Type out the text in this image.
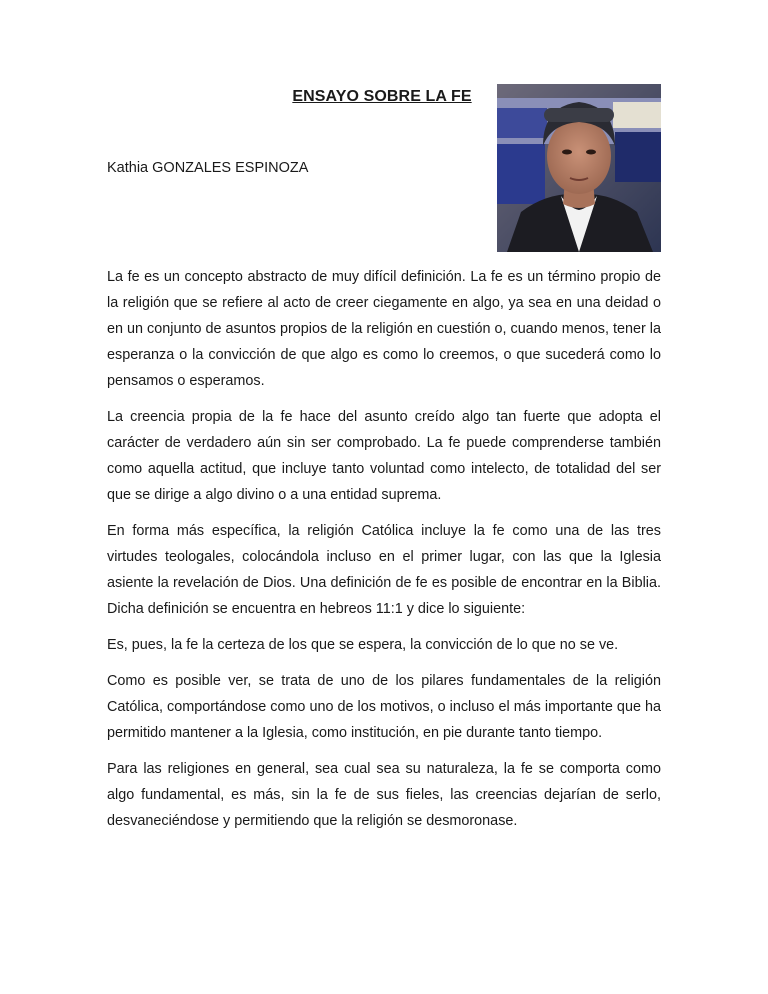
ENSAYO SOBRE LA FE
Kathia GONZALES ESPINOZA

La fe es un concepto abstracto de muy difícil definición. La fe es un término propio de la religión que se refiere al acto de creer ciegamente en algo, ya sea en una deidad o en un conjunto de asuntos propios de la religión en cuestión o, cuando menos, tener la esperanza o la convicción de que algo es como lo creemos, o que sucederá como lo pensamos o esperamos.

La creencia propia de la fe hace del asunto creído algo tan fuerte que adopta el carácter de verdadero aún sin ser comprobado. La fe puede comprenderse también como aquella actitud, que incluye tanto voluntad como intelecto, de totalidad del ser que se dirige a algo divino o a una entidad suprema.

En forma más específica, la religión Católica incluye la fe como una de las tres virtudes teologales, colocándola incluso en el primer lugar, con las que la Iglesia asiente la revelación de Dios. Una definición de fe es posible de encontrar en la Biblia. Dicha definición se encuentra en hebreos 11:1 y dice lo siguiente:

Es, pues, la fe la certeza de los que se espera, la convicción de lo que no se ve.

Como es posible ver, se trata de uno de los pilares fundamentales de la religión Católica, comportándose como uno de los motivos, o incluso el más importante que ha permitido mantener a la Iglesia, como institución, en pie durante tanto tiempo.

Para las religiones en general, sea cual sea su naturaleza, la fe se comporta como algo fundamental, es más, sin la fe de sus fieles, las creencias dejarían de serlo, desvaneciéndose y permitiendo que la religión se desmoronase.
